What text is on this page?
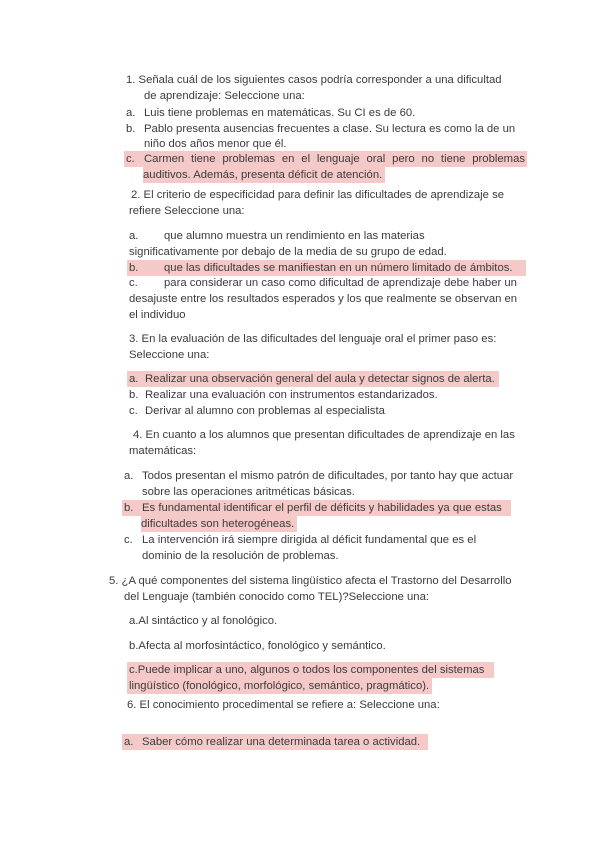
1. Señala cuál de los siguientes casos podría corresponder a una dificultad
de aprendizaje: Seleccione una:
a. Luis tiene problemas en matemáticas. Su CI es de 60.
b. Pablo presenta ausencias frecuentes a clase. Su lectura es como la de un
niño dos años menor que él.
c. Carmen tiene problemas en el lenguaje oral pero no tiene problemas
auditivos. Además, presenta déficit de atención.
2. El criterio de especificidad para definir las dificultades de aprendizaje se
refiere Seleccione una:
a. que alumno muestra un rendimiento en las materias
significativamente por debajo de la media de su grupo de edad.
b. que las dificultades se manifiestan en un número limitado de ámbitos.
c. para considerar un caso como dificultad de aprendizaje debe haber un
desajuste entre los resultados esperados y los que realmente se observan en
el individuo
3. En la evaluación de las dificultades del lenguaje oral el primer paso es:
Seleccione una:
a. Realizar una observación general del aula y detectar signos de alerta.
b. Realizar una evaluación con instrumentos estandarizados.
c. Derivar al alumno con problemas al especialista
4. En cuanto a los alumnos que presentan dificultades de aprendizaje en las
matemáticas:
a. Todos presentan el mismo patrón de dificultades, por tanto hay que actuar
sobre las operaciones aritméticas básicas.
b. Es fundamental identificar el perfil de déficits y habilidades ya que estas
dificultades son heterogéneas.
c. La intervención irá siempre dirigida al déficit fundamental que es el
dominio de la resolución de problemas.
5. ¿A qué componentes del sistema lingüístico afecta el Trastorno del Desarrollo
del Lenguaje (también conocido como TEL)?Seleccione una:
a.Al sintáctico y al fonológico.
b.Afecta al morfosintáctico, fonológico y semántico.
c.Puede implicar a uno, algunos o todos los componentes del sistemas
lingüístico (fonológico, morfológico, semántico, pragmático).
6. El conocimiento procedimental se refiere a: Seleccione una:
a. Saber cómo realizar una determinada tarea o actividad.
